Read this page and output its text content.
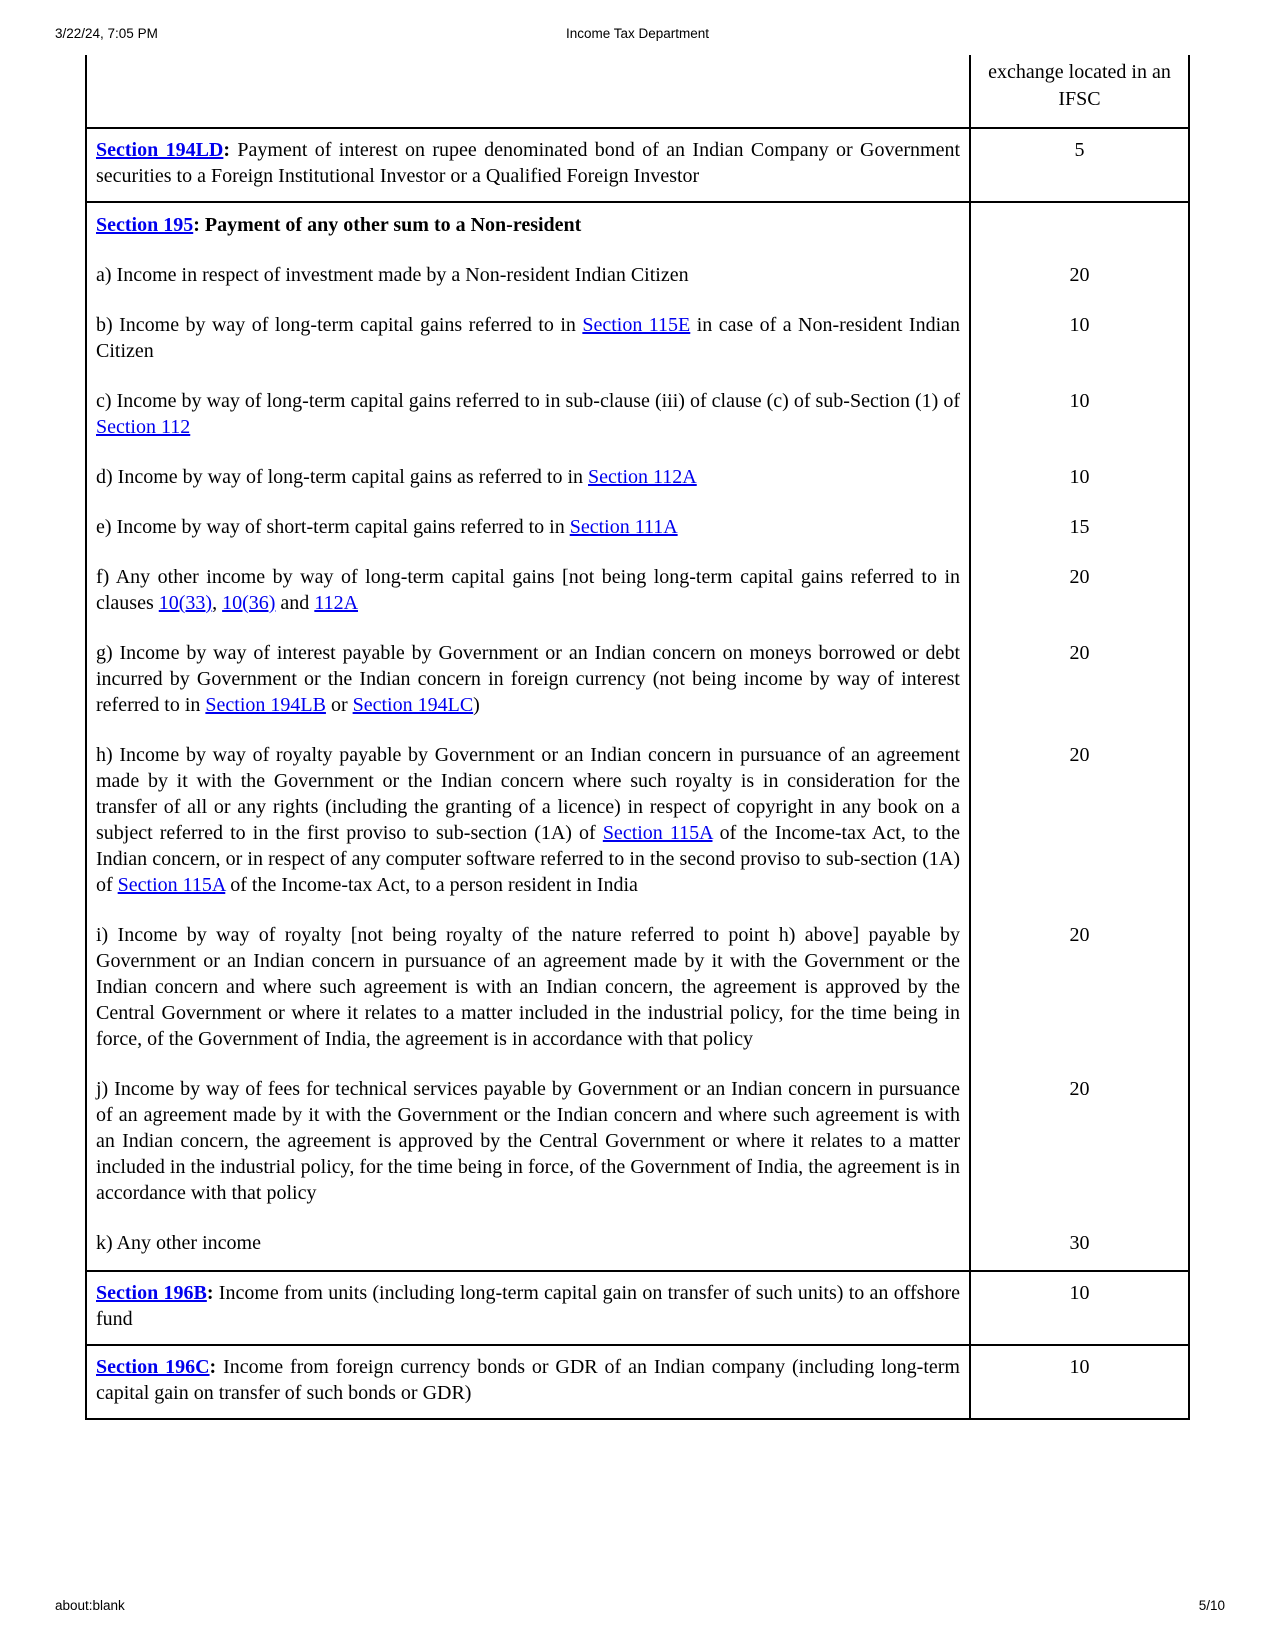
3/22/24, 7:05 PM	Income Tax Department
	exchange located in an IFSC
Section 194LD: Payment of interest on rupee denominated bond of an Indian Company or Government securities to a Foreign Institutional Investor or a Qualified Foreign Investor	5
Section 195: Payment of any other sum to a Non-resident	
a) Income in respect of investment made by a Non-resident Indian Citizen	20
b) Income by way of long-term capital gains referred to in Section 115E in case of a Non-resident Indian Citizen	10
c) Income by way of long-term capital gains referred to in sub-clause (iii) of clause (c) of sub-Section (1) of Section 112	10
d) Income by way of long-term capital gains as referred to in Section 112A	10
e) Income by way of short-term capital gains referred to in Section 111A	15
f) Any other income by way of long-term capital gains [not being long-term capital gains referred to in clauses 10(33), 10(36) and 112A	20
g) Income by way of interest payable by Government or an Indian concern on moneys borrowed or debt incurred by Government or the Indian concern in foreign currency (not being income by way of interest referred to in Section 194LB or Section 194LC)	20
h) Income by way of royalty payable by Government or an Indian concern in pursuance of an agreement made by it with the Government or the Indian concern where such royalty is in consideration for the transfer of all or any rights (including the granting of a licence) in respect of copyright in any book on a subject referred to in the first proviso to sub-section (1A) of Section 115A of the Income-tax Act, to the Indian concern, or in respect of any computer software referred to in the second proviso to sub-section (1A) of Section 115A of the Income-tax Act, to a person resident in India	20
i) Income by way of royalty [not being royalty of the nature referred to point h) above] payable by Government or an Indian concern in pursuance of an agreement made by it with the Government or the Indian concern and where such agreement is with an Indian concern, the agreement is approved by the Central Government or where it relates to a matter included in the industrial policy, for the time being in force, of the Government of India, the agreement is in accordance with that policy	20
j) Income by way of fees for technical services payable by Government or an Indian concern in pursuance of an agreement made by it with the Government or the Indian concern and where such agreement is with an Indian concern, the agreement is approved by the Central Government or where it relates to a matter included in the industrial policy, for the time being in force, of the Government of India, the agreement is in accordance with that policy	20
k) Any other income	30
Section 196B: Income from units (including long-term capital gain on transfer of such units) to an offshore fund	10
Section 196C: Income from foreign currency bonds or GDR of an Indian company (including long-term capital gain on transfer of such bonds or GDR)	10
about:blank	5/10
